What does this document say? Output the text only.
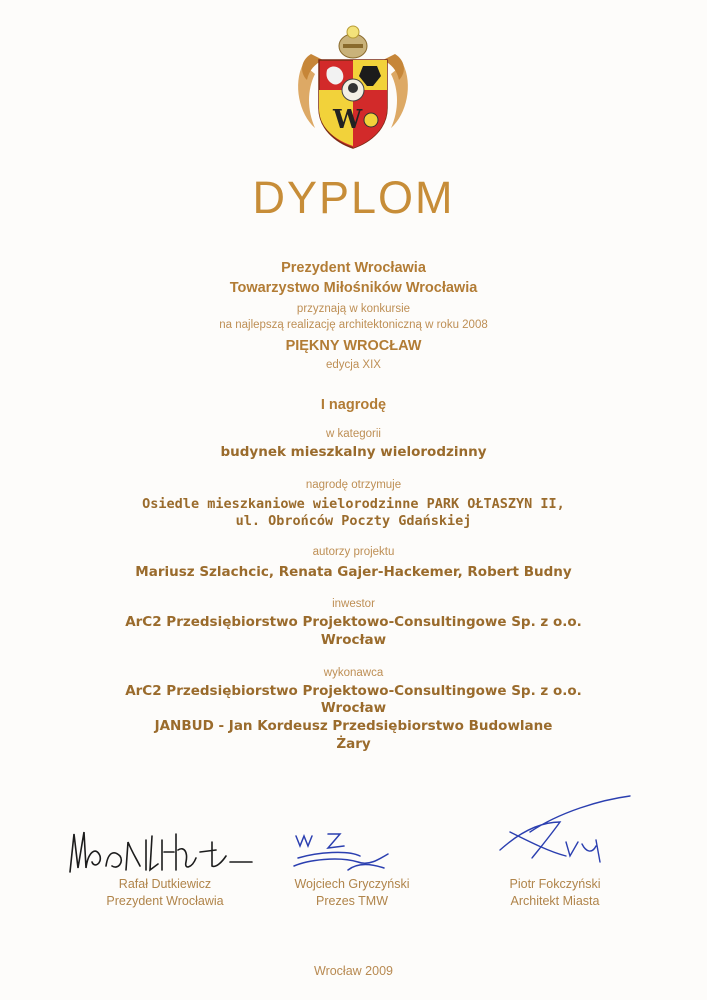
W
DYPLOM
Prezydent Wrocławia
Towarzystwo Miłośników Wrocławia
przyznają w konkursie
na najlepszą realizację architektoniczną w roku 2008
PIĘKNY WROCŁAW
edycja XIX
I nagrodę
w kategorii
budynek mieszkalny wielorodzinny
nagrodę otrzymuje
Osiedle mieszkaniowe wielorodzinne PARK OŁTASZYN II,
ul. Obrońców Poczty Gdańskiej
autorzy projektu
Mariusz Szlachcic, Renata Gajer-Hackemer, Robert Budny
inwestor
ArC2 Przedsiębiorstwo Projektowo-Consultingowe Sp. z o.o.
Wrocław
wykonawca
ArC2 Przedsiębiorstwo Projektowo-Consultingowe Sp. z o.o.
Wrocław
JANBUD - Jan Kordeusz Przedsiębiorstwo Budowlane
Żary
Rafał Dutkiewicz
Prezydent Wrocławia
Wojciech Gryczyński
Prezes TMW
Piotr Fokczyński
Architekt Miasta
Wrocław 2009
